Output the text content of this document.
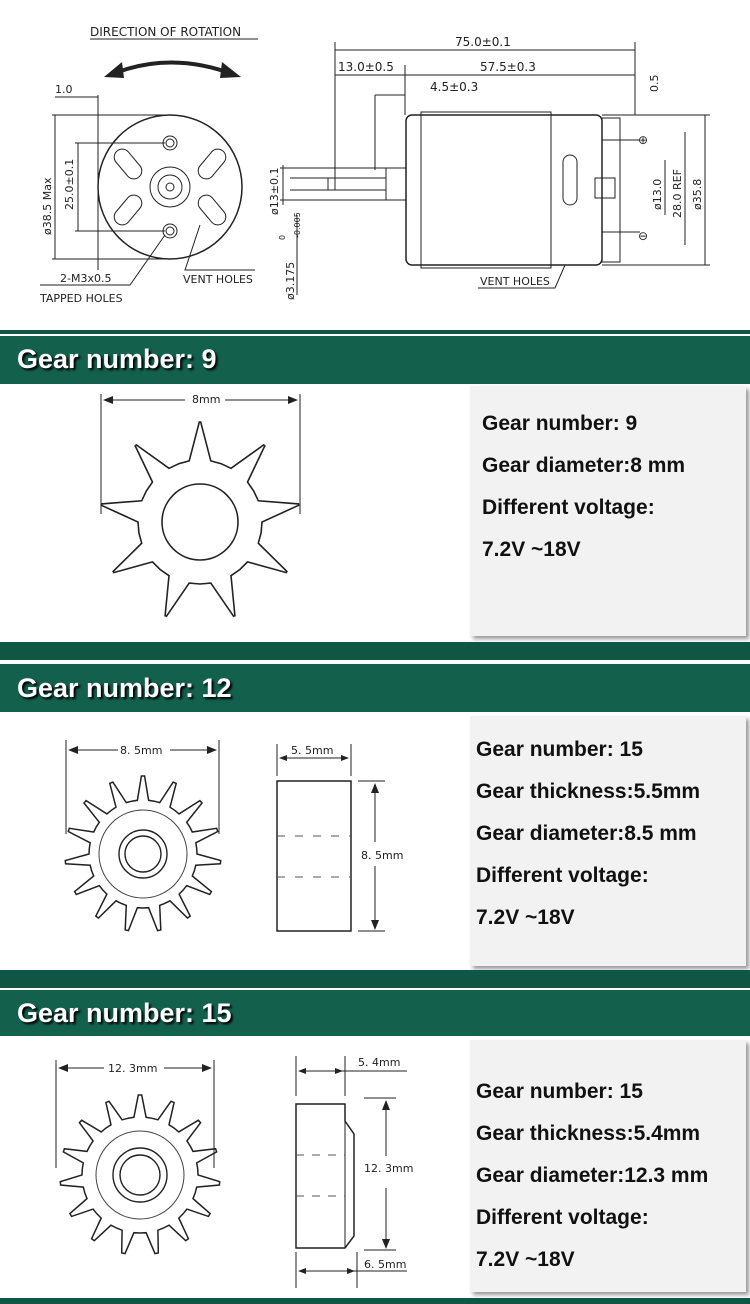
DIRECTION OF ROTATION
1.0
ø38.5 Max 25.0±0.1
2-M3x0.5
TAPPED HOLES
VENT HOLES
75.0±0.1
13.0±0.5	57.5±0.3
4.5±0.3	0.5
ø13±0.1
ø3.175
0 -0.005
ø13.0 28.0 REF ø35.8
⊕
⊖
VENT HOLES
Gear number: 9
8mm
Gear number: 9
Gear diameter:8 mm
Different voltage:
7.2V ~18V
Gear number: 12
8. 5mm	5. 5mm
8. 5mm
Gear number: 15
Gear thickness:5.5mm
Gear diameter:8.5 mm
Different voltage:
7.2V ~18V
Gear number: 15
12. 3mm	5. 4mm
12. 3mm
6. 5mm
Gear number: 15
Gear thickness:5.4mm
Gear diameter:12.3 mm
Different voltage:
7.2V ~18V
